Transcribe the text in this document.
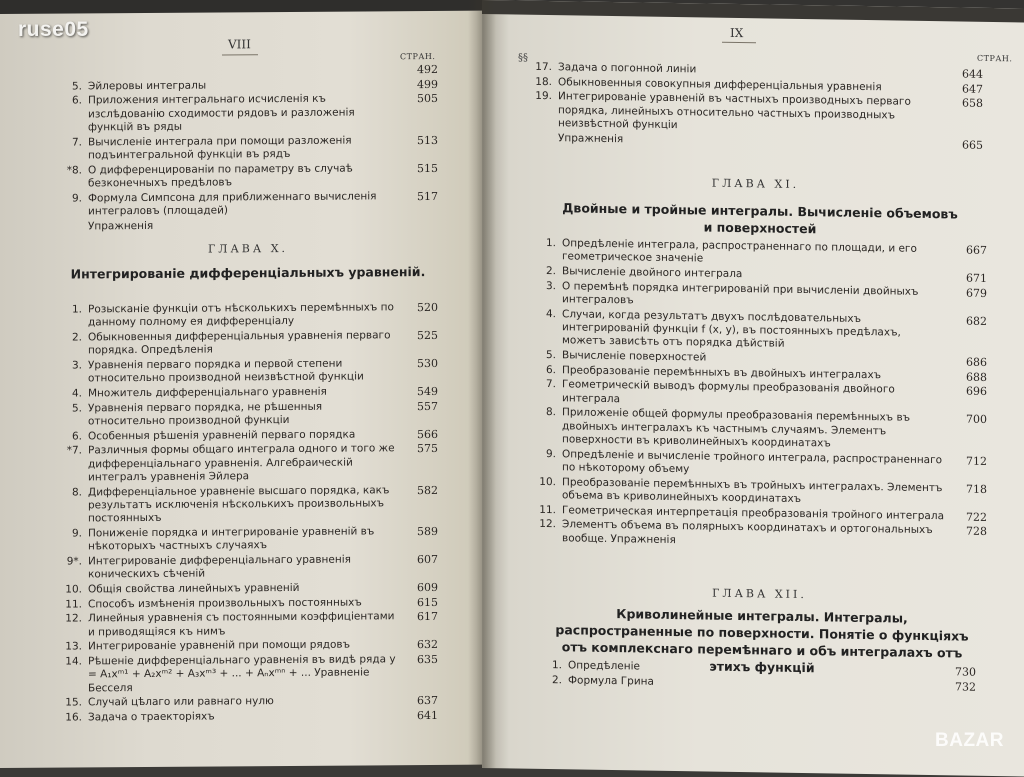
VIII
СТРАН.
492
5. Эйлеровы интегралы	499
6. Приложения интегральнаго исчисленія къ изслѣдованію сходимости рядовъ и разложенія функцій въ ряды
505
7. Вычисленіе интеграла при помощи разложенія подъинтегральной функціи въ рядъ
513
*8. О дифференцированіи по параметру въ случаѣ безконечныхъ предѣловъ
515
9. Формула Симпсона для приближеннаго вычисленія интеграловъ (площадей)
517
Упражненія
ГЛАВА X.
Интегрированіе дифференціальныхъ уравненій.
1. Розысканіе функціи отъ нѣсколькихъ перемѣнныхъ по данному полному ея дифференціалу
520
2. Обыкновенныя дифференціальныя уравненія перваго порядка. Опредѣленія
525
3. Уравненія перваго порядка и первой степени относительно производной неизвѣстной функціи
530
4. Множитель дифференціальнаго уравненія	549
5. Уравненія перваго порядка, не рѣшенныя относительно производной функціи
557
6. Особенныя рѣшенія уравненій перваго порядка	566
*7. Различныя формы общаго интеграла одного и того же дифференціальнаго уравненія. Алгебраическій интегралъ уравненія Эйлера
575
8. Дифференціальное уравненіе высшаго порядка, какъ результатъ исключенія нѣсколькихъ произвольныхъ постоянныхъ
582
9. Пониженіе порядка и интегрированіе уравненій въ нѣкоторыхъ частныхъ случаяхъ
589
9*. Интегрированіе дифференціальнаго уравненія коническихъ сѣченій
607
10. Общія свойства линейныхъ уравненій	609
11. Способъ измѣненія произвольныхъ постоянныхъ	615
12. Линейныя уравненія съ постоянными коэффиціентами и приводящіяся къ нимъ
617
13. Интегрированіе уравненій при помощи рядовъ	632
14. Рѣшеніе дифференціальнаго уравненія въ видѣ ряда y = A₁xᵐ¹ + A₂xᵐ² + A₃xᵐ³ + ... + Aₙxᵐⁿ + ... Уравненіе Бесселя
635
15. Случай цѣлаго или равнаго нулю	637
16. Задача о траекторіяхъ	641
IX
СТРАН.
§§
17. Задача о погонной линіи	644
18. Обыкновенныя совокупныя дифференціальныя уравненія	647
19. Интегрированіе уравненій въ частныхъ производныхъ перваго порядка, линейныхъ относительно частныхъ производныхъ неизвѣстной функціи
658
Упражненія	665
ГЛАВА XI.
Двойные и тройные интегралы. Вычисленіе объемовъ и поверхностей
1. Опредѣленіе интеграла, распространеннаго по площади, и его геометрическое значеніе
667
2. Вычисленіе двойного интеграла	671
3. О перемѣнѣ порядка интегрированій при вычисленіи двойныхъ интеграловъ
679
4. Случаи, когда результатъ двухъ послѣдовательныхъ интегрированій функціи f (x, y), въ постоянныхъ предѣлахъ, можетъ зависѣть отъ порядка дѣйствій
682
5. Вычисленіе поверхностей	686
6. Преобразованіе перемѣнныхъ въ двойныхъ интегралахъ	688
7. Геометрическій выводъ формулы преобразованія двойного интеграла
696
8. Приложеніе общей формулы преобразованія перемѣнныхъ въ двойныхъ интегралахъ къ частнымъ случаямъ. Элементъ поверхности въ криволинейныхъ координатахъ
700
9. Опредѣленіе и вычисленіе тройного интеграла, распространеннаго по нѣкоторому объему
712
10. Преобразованіе перемѣнныхъ въ тройныхъ интегралахъ. Элементъ объема въ криволинейныхъ координатахъ
718
11. Геометрическая интерпретація преобразованія тройного интеграла	722
12. Элементъ объема въ полярныхъ координатахъ и ортогональныхъ вообще. Упражненія
728
ГЛАВА XII.
Криволинейные интегралы. Интегралы, распространенные по поверхности. Понятіе о функціяхъ отъ комплекснаго перемѣннаго и объ интегралахъ отъ этихъ функцій
1. Опредѣленіе	730
2. Формула Грина	732
ruse05
BAZAR
